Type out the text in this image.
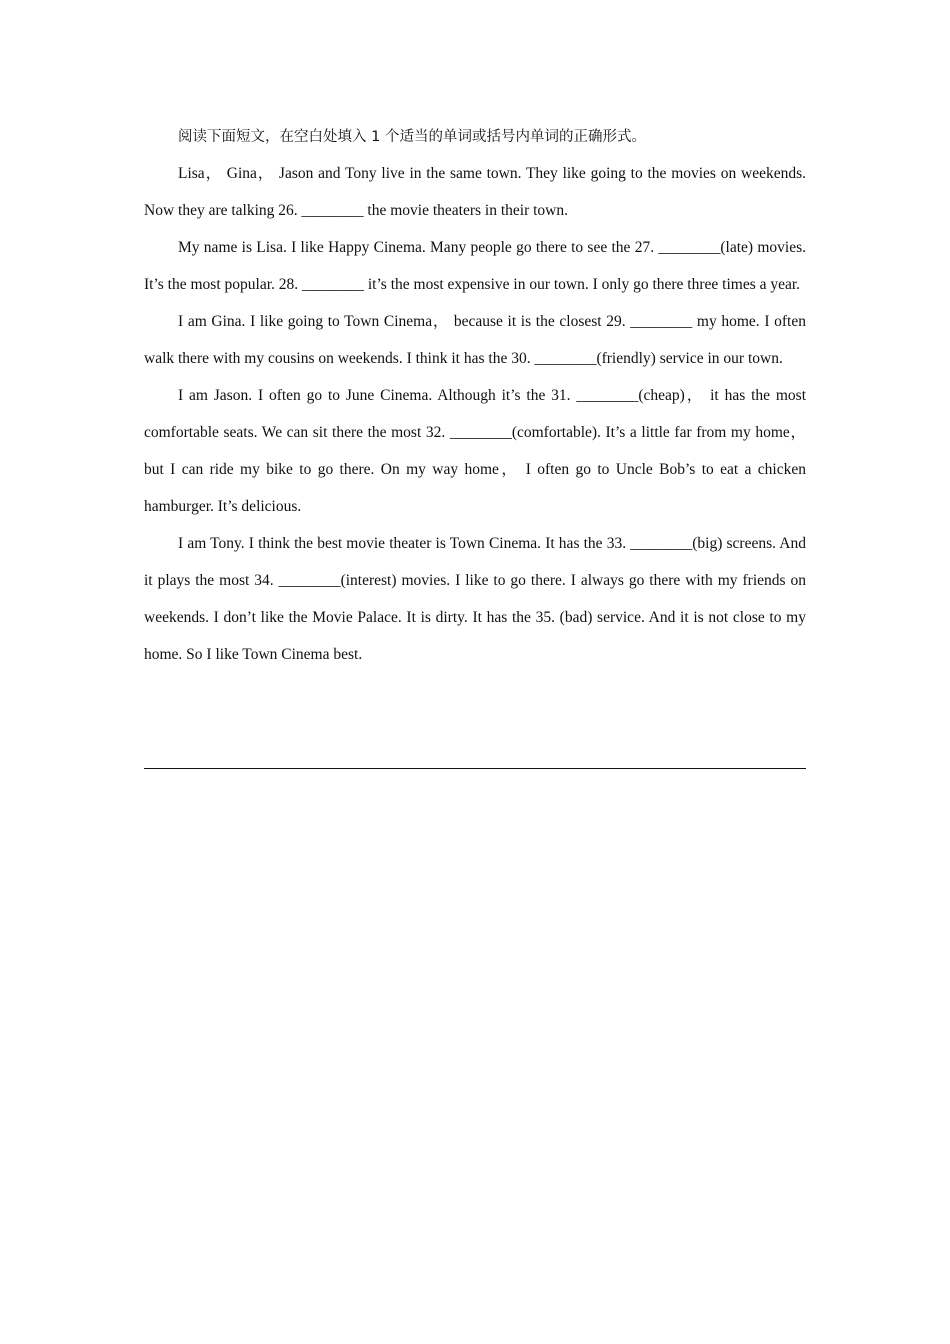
阅读下面短文，在空白处填入 1 个适当的单词或括号内单词的正确形式。

Lisa， Gina， Jason and Tony live in the same town. They like going to the movies on weekends. Now they are talking 26. ________ the movie theaters in their town.

My name is Lisa. I like Happy Cinema. Many people go there to see the 27. ________(late) movies. It’s the most popular. 28. ________ it’s the most expensive in our town. I only go there three times a year.

I am Gina. I like going to Town Cinema， because it is the closest 29. ________ my home. I often walk there with my cousins on weekends. I think it has the 30. ________(friendly) service in our town.

I am Jason. I often go to June Cinema. Although it’s the 31. ________(cheap)， it has the most comfortable seats. We can sit there the most 32. ________(comfortable). It’s a little far from my home， but I can ride my bike to go there. On my way home， I often go to Uncle Bob’s to eat a chicken hamburger. It’s delicious.

I am Tony. I think the best movie theater is Town Cinema. It has the 33. ________(big) screens. And it plays the most 34. ________(interest) movies. I like to go there. I always go there with my friends on weekends. I don’t like the Movie Palace. It is dirty. It has the 35. (bad) service. And it is not close to my home. So I like Town Cinema best.
